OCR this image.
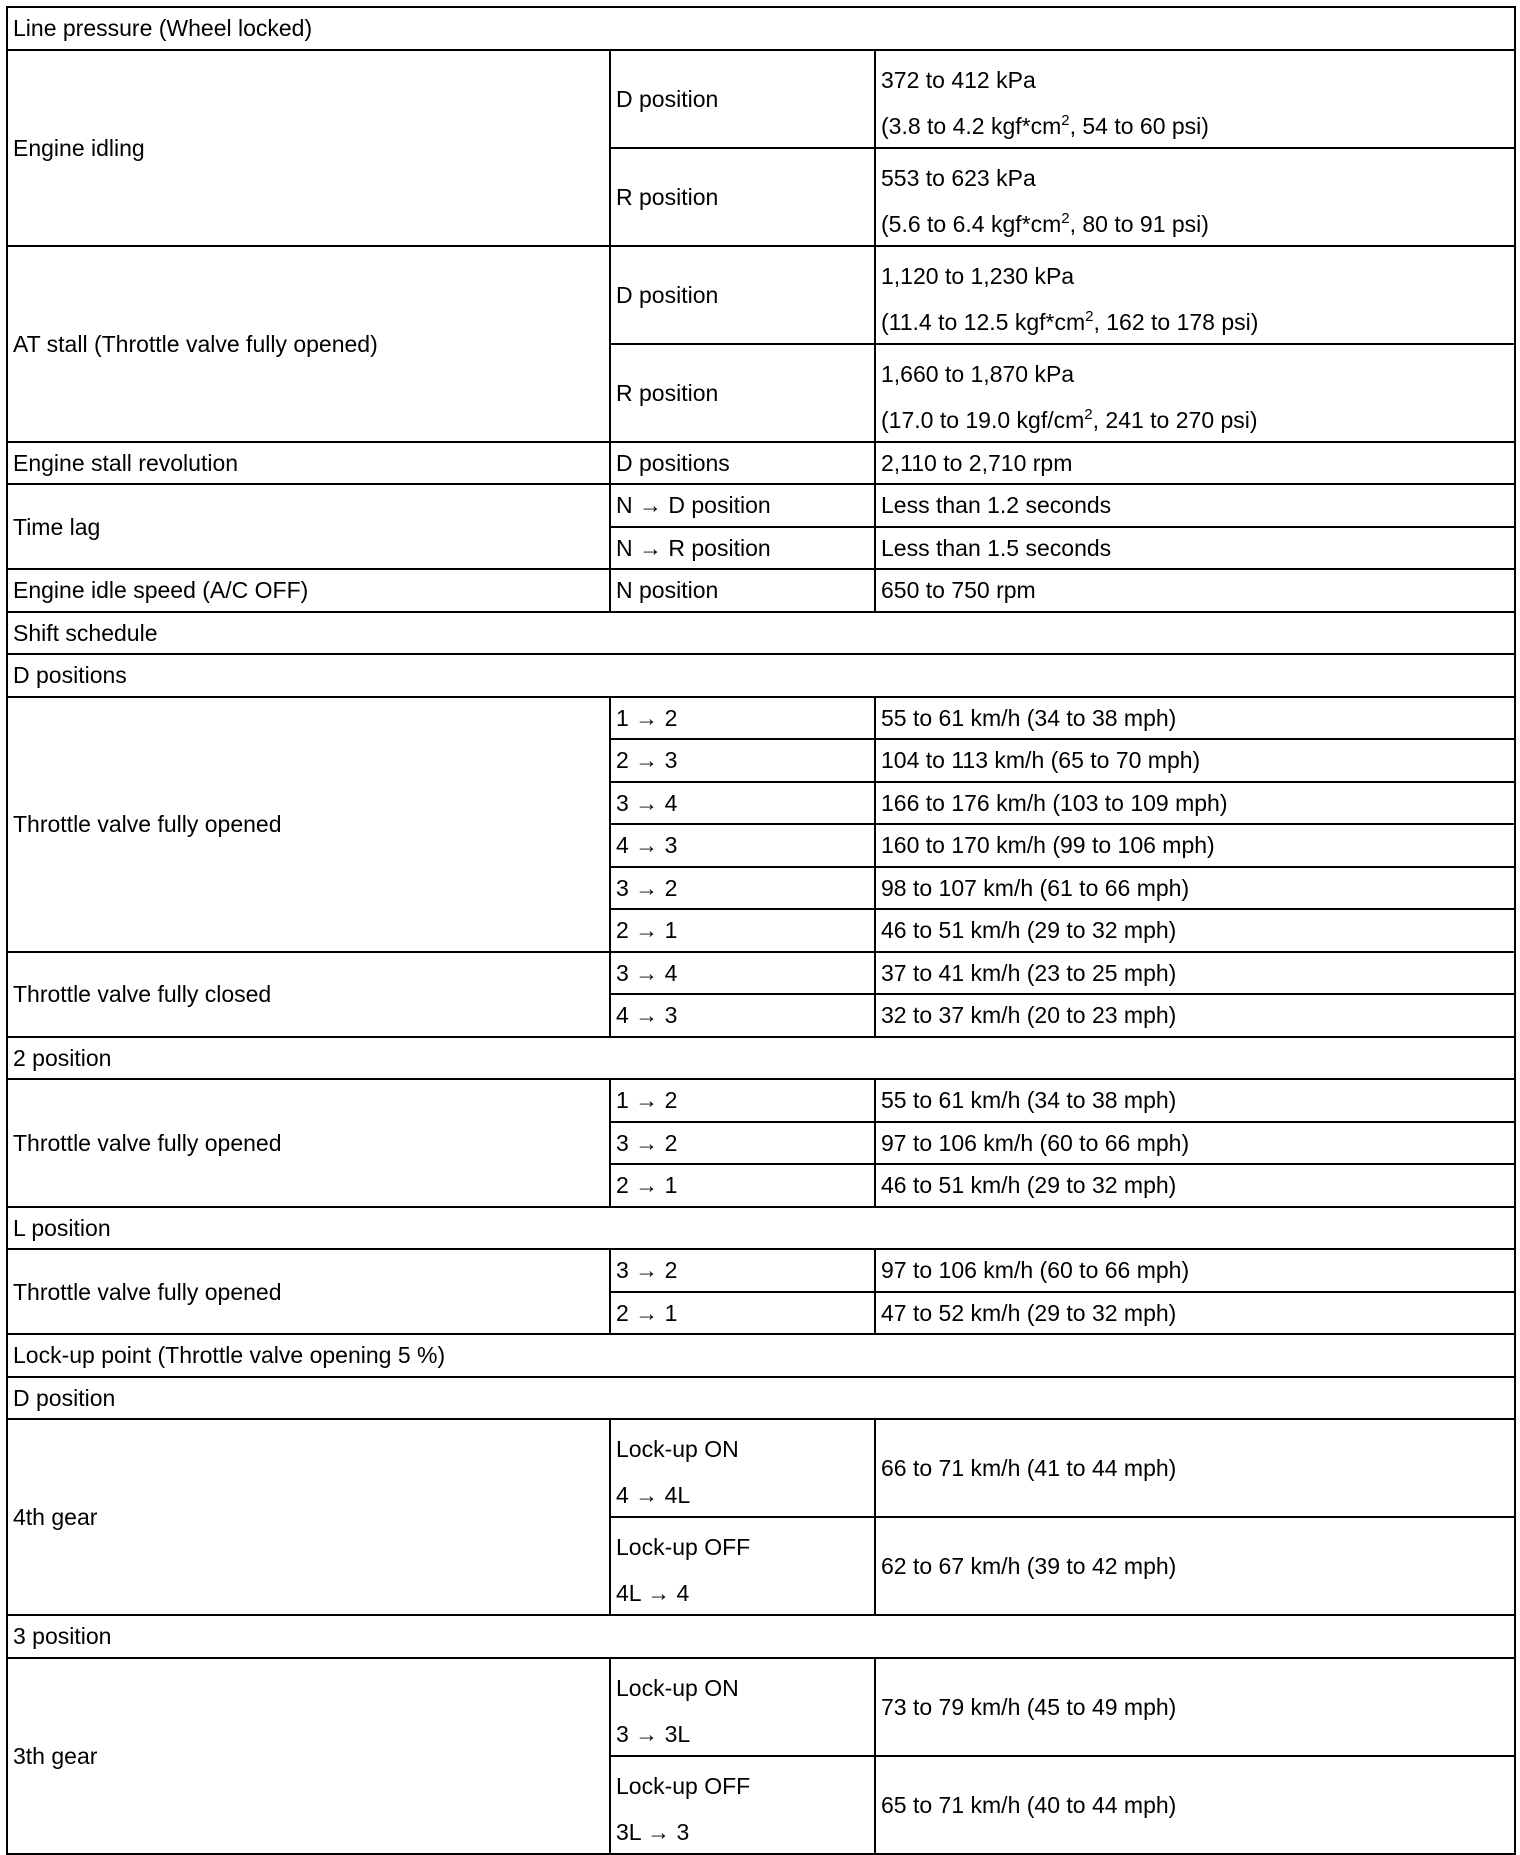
Line pressure (Wheel locked)		
Engine idling	D position	372 to 412 kPa
(3.8 to 4.2 $kgf*cm^2$, 54 to 60 psi)

	R position	553 to 623 kPa
(5.6 to 6.4 $kgf*cm^2$, 80 to 91 psi)

AT stall (Throttle valve fully opened)	D position	1,120 to 1,230 kPa
(11.4 to 12.5 $kgf*cm^2$, 162 to 178 psi)

	R position	1,660 to 1,870 kPa
(17.0 to 19.0 kgf/$cm^2$, 241 to 270 psi)

Engine stall revolution	D positions	2,110 to 2,710 rpm
Time lag	N → D position	Less than 1.2 seconds
	N → R position	Less than 1.5 seconds
Engine idle speed (A/C OFF)	N position	650 to 750 rpm
Shift schedule		
D positions		
Throttle valve fully opened	1 → 2	55 to 61 km/h (34 to 38 mph)
	2 → 3	104 to 113 km/h (65 to 70 mph)
	3 → 4	166 to 176 km/h (103 to 109 mph)
	4 → 3	160 to 170 km/h (99 to 106 mph)
	3 → 2	98 to 107 km/h (61 to 66 mph)
	2 → 1	46 to 51 km/h (29 to 32 mph)
Throttle valve fully closed	3 → 4	37 to 41 km/h (23 to 25 mph)
	4 → 3	32 to 37 km/h (20 to 23 mph)
2 position		
Throttle valve fully opened	1 → 2	55 to 61 km/h (34 to 38 mph)
	3 → 2	97 to 106 km/h (60 to 66 mph)
	2 → 1	46 to 51 km/h (29 to 32 mph)
L position		
Throttle valve fully opened	3 → 2	97 to 106 km/h (60 to 66 mph)
	2 → 1	47 to 52 km/h (29 to 32 mph)
Lock-up point (Throttle valve opening 5 %)		
D position		
4th gear	Lock-up ON
4 → 4L	66 to 71 km/h (41 to 44 mph)

	Lock-up OFF
4L → 4	62 to 67 km/h (39 to 42 mph)
3 position		
3th gear	Lock-up ON
3 → 3L	73 to 79 km/h (45 to 49 mph)

	Lock-up OFF
3L → 3	65 to 71 km/h (40 to 44 mph)
